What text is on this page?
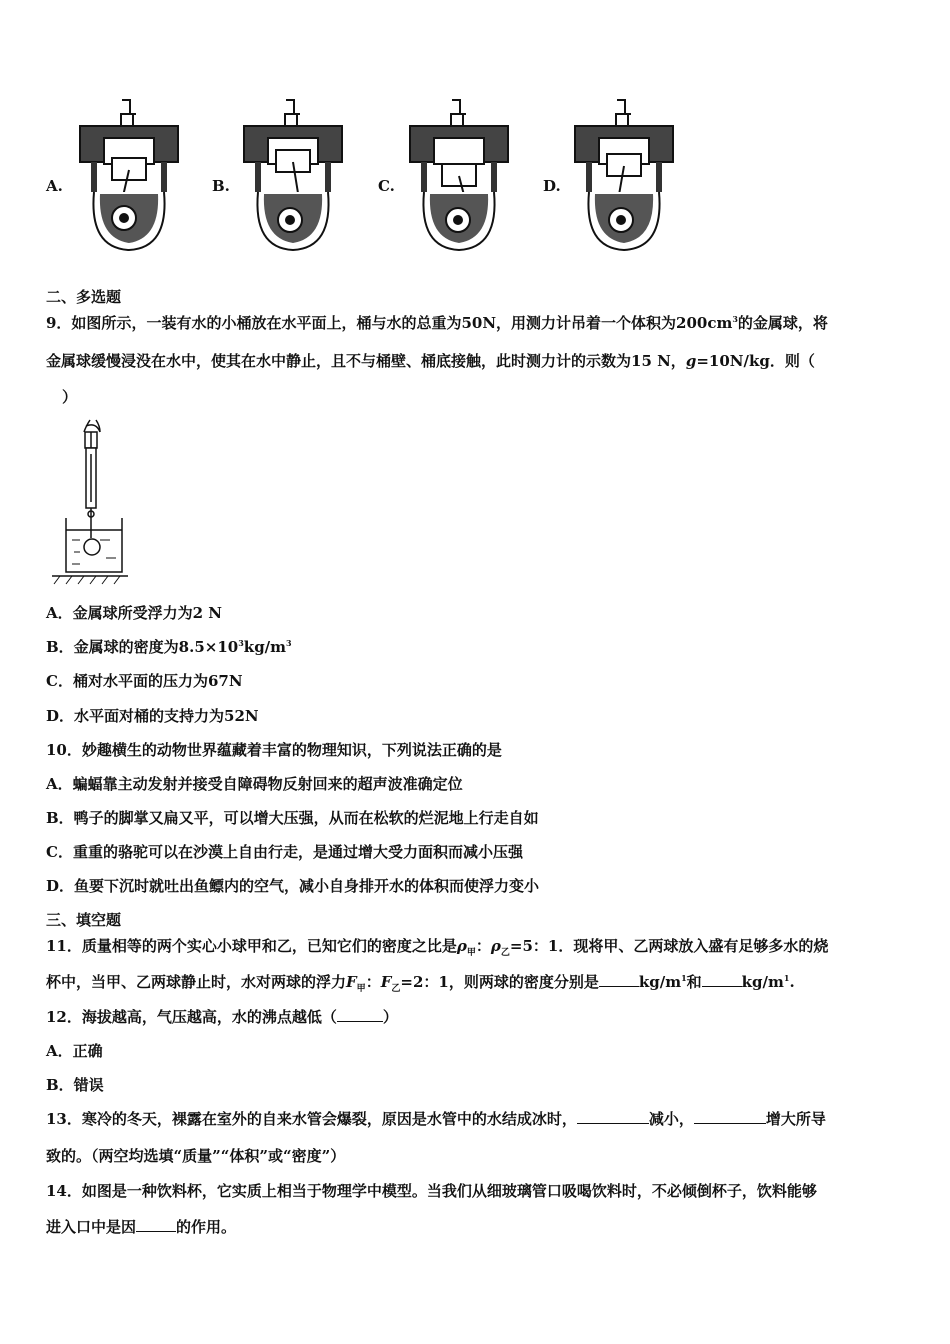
A.	B.	C.	D.
二、多选题
9．如图所示，一装有水的小桶放在水平面上，桶与水的总重为50N，用测力计吊着一个体积为$200cm^3$的金属球，将
金属球缓慢浸没在水中，使其在水中静止，且不与桶壁、桶底接触，此时测力计的示数为15 N，g=10N/kg．则（
）
A．金属球所受浮力为2 N
B．金属球的密度为$8.5\times 10^3kg/m^3$
C．桶对水平面的压力为67N
D．水平面对桶的支持力为52N
10．妙趣横生的动物世界蕴藏着丰富的物理知识，下列说法正确的是
A．蝙蝠靠主动发射并接受自障碍物反射回来的超声波准确定位
B．鸭子的脚掌又扁又平，可以增大压强，从而在松软的烂泥地上行走自如
C．重重的骆驼可以在沙漠上自由行走，是通过增大受力面积而减小压强
D．鱼要下沉时就吐出鱼鳔内的空气，减小自身排开水的体积而使浮力变小
三、填空题
11．质量相等的两个实心小球甲和乙，已知它们的密度之比是$\rho_甲$：$\rho_乙=5$：1．现将甲、乙两球放入盛有足够多水的烧
杯中，当甲、乙两球静止时，水对两球的浮力$F_甲$：$F_乙=2$：1，则两球的密度分别是	$kg/m^1$和	$kg/m^1$.
12．海拔越高，气压越高，水的沸点越低（	）
A．正确
B．错误
13．寒冷的冬天，裸露在室外的自来水管会爆裂，原因是水管中的水结成冰时，	减小，	增大所导
致的。（两空均选填“质量”“体积”或“密度”）
14．如图是一种饮料杯，它实质上相当于物理学中模型。当我们从细玻璃管口吸喝饮料时，不必倾倒杯子，饮料能够
进入口中是因	的作用。
